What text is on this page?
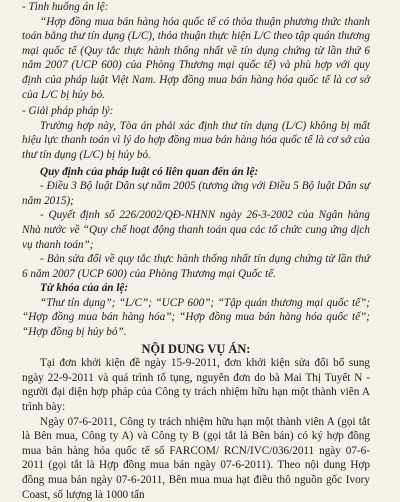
- Tình huống án lệ:

“Hợp đồng mua bán hàng hóa quốc tế có thỏa thuận phương thức thanh toán bằng thư tín dụng (L/C), thỏa thuận thực hiện L/C theo tập quán thương mại quốc tế (Quy tắc thực hành thống nhất về tín dụng chứng từ lần thứ 6 năm 2007 (UCP 600) của Phòng Thương mại quốc tế) và phù hợp với quy định của pháp luật Việt Nam. Hợp đồng mua bán hàng hóa quốc tế là cơ sở của L/C bị hủy bỏ.

- Giải pháp pháp lý:

Trường hợp này, Tòa án phải xác định thư tín dụng (L/C) không bị mất hiệu lực thanh toán vì lý do hợp đồng mua bán hàng hóa quốc tế là cơ sở của thư tín dụng (L/C) bị hủy bỏ.

Quy định của pháp luật có liên quan đến án lệ:

- Điều 3 Bộ luật Dân sự năm 2005 (tương ứng với Điều 5 Bộ luật Dân sự năm 2015);

- Quyết định số 226/2002/QĐ-NHNN ngày 26-3-2002 của Ngân hàng Nhà nước về “Quy chế hoạt động thanh toán qua các tổ chức cung ứng dịch vụ thanh toán”;

- Bản sửa đổi về quy tắc thực hành thống nhất tín dụng chứng từ lần thứ 6 năm 2007 (UCP 600) của Phòng Thương mại Quốc tế.

Từ khóa của án lệ:

“Thư tín dụng”; “L/C”; “UCP 600”; “Tập quán thương mại quốc tế”; “Hợp đồng mua bán hàng hóa”; “Hợp đồng mua bán hàng hóa quốc tế”; “Hợp đồng bị hủy bỏ”.

NỘI DUNG VỤ ÁN:

Tại đơn khởi kiện đề ngày 15-9-2011, đơn khởi kiện sửa đổi bổ sung ngày 22-9-2011 và quá trình tố tụng, nguyên đơn do bà Mai Thị Tuyết N - người đại diện hợp pháp của Công ty trách nhiệm hữu hạn một thành viên A trình bày:

Ngày 07-6-2011, Công ty trách nhiệm hữu hạn một thành viên A (gọi tắt là Bên mua, Công ty A) và Công ty B (gọi tắt là Bên bán) có ký hợp đồng mua bán hàng hóa quốc tế số FARCOM/ RCN/IVC/036/2011 ngày 07-6-2011 (gọi tắt là Hợp đồng mua bán ngày 07-6-2011). Theo nội dung Hợp đồng mua bán ngày 07-6-2011, Bên mua mua hạt điều thô nguồn gốc Ivory Coast, số lượng là 1000 tấn
